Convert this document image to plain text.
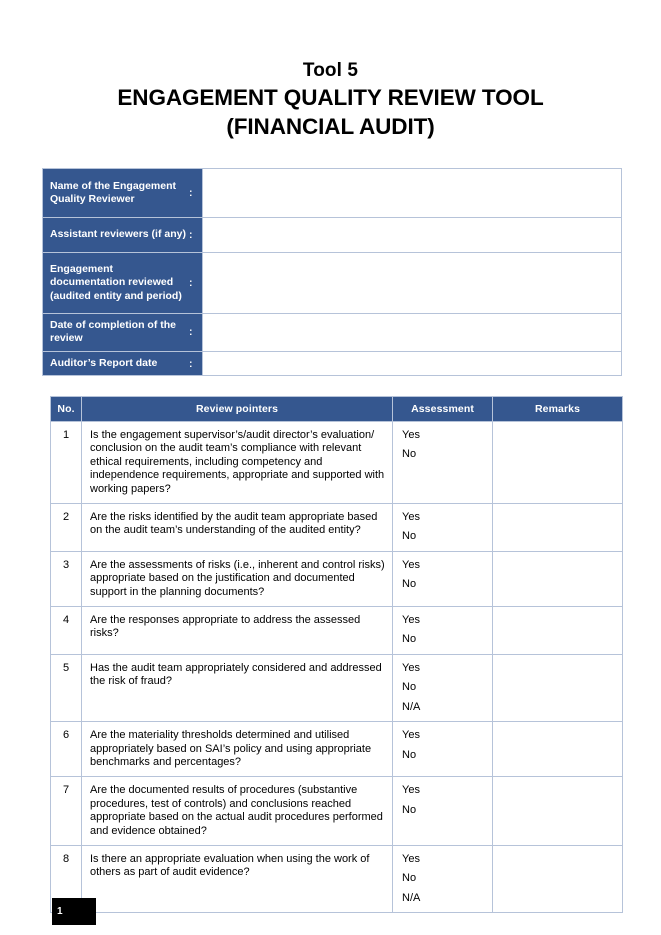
Tool 5
ENGAGEMENT QUALITY REVIEW TOOL
(FINANCIAL AUDIT)
Name of the Engagement Quality Reviewer	:	
Assistant reviewers (if any)	:	
Engagement documentation reviewed (audited entity and period)	:	
Date of completion of the review	:	
Auditor’s Report date	:	
No.	Review pointers	Assessment	Remarks
1	Is the engagement supervisor’s/audit director’s evaluation/ conclusion on the audit team’s compliance with relevant ethical requirements, including competency and independence requirements, appropriate and supported with working papers?	Yes
No	

2	Are the risks identified by the audit team appropriate based on the audit team’s understanding of the audited entity?	Yes
No	

3	Are the assessments of risks (i.e., inherent and control risks) appropriate based on the justification and documented support in the planning documents?	Yes
No	

4	Are the responses appropriate to address the assessed risks?	Yes
No	

5	Has the audit team appropriately considered and addressed the risk of fraud?	Yes
No
N/A	

6	Are the materiality thresholds determined and utilised appropriately based on SAI’s policy and using appropriate benchmarks and percentages?	Yes
No	

7	Are the documented results of procedures (substantive procedures, test of controls) and conclusions reached appropriate based on the actual audit procedures performed and evidence obtained?	Yes
No	

8	Is there an appropriate evaluation when using the work of others as part of audit evidence?	Yes
No
N/A	

1
